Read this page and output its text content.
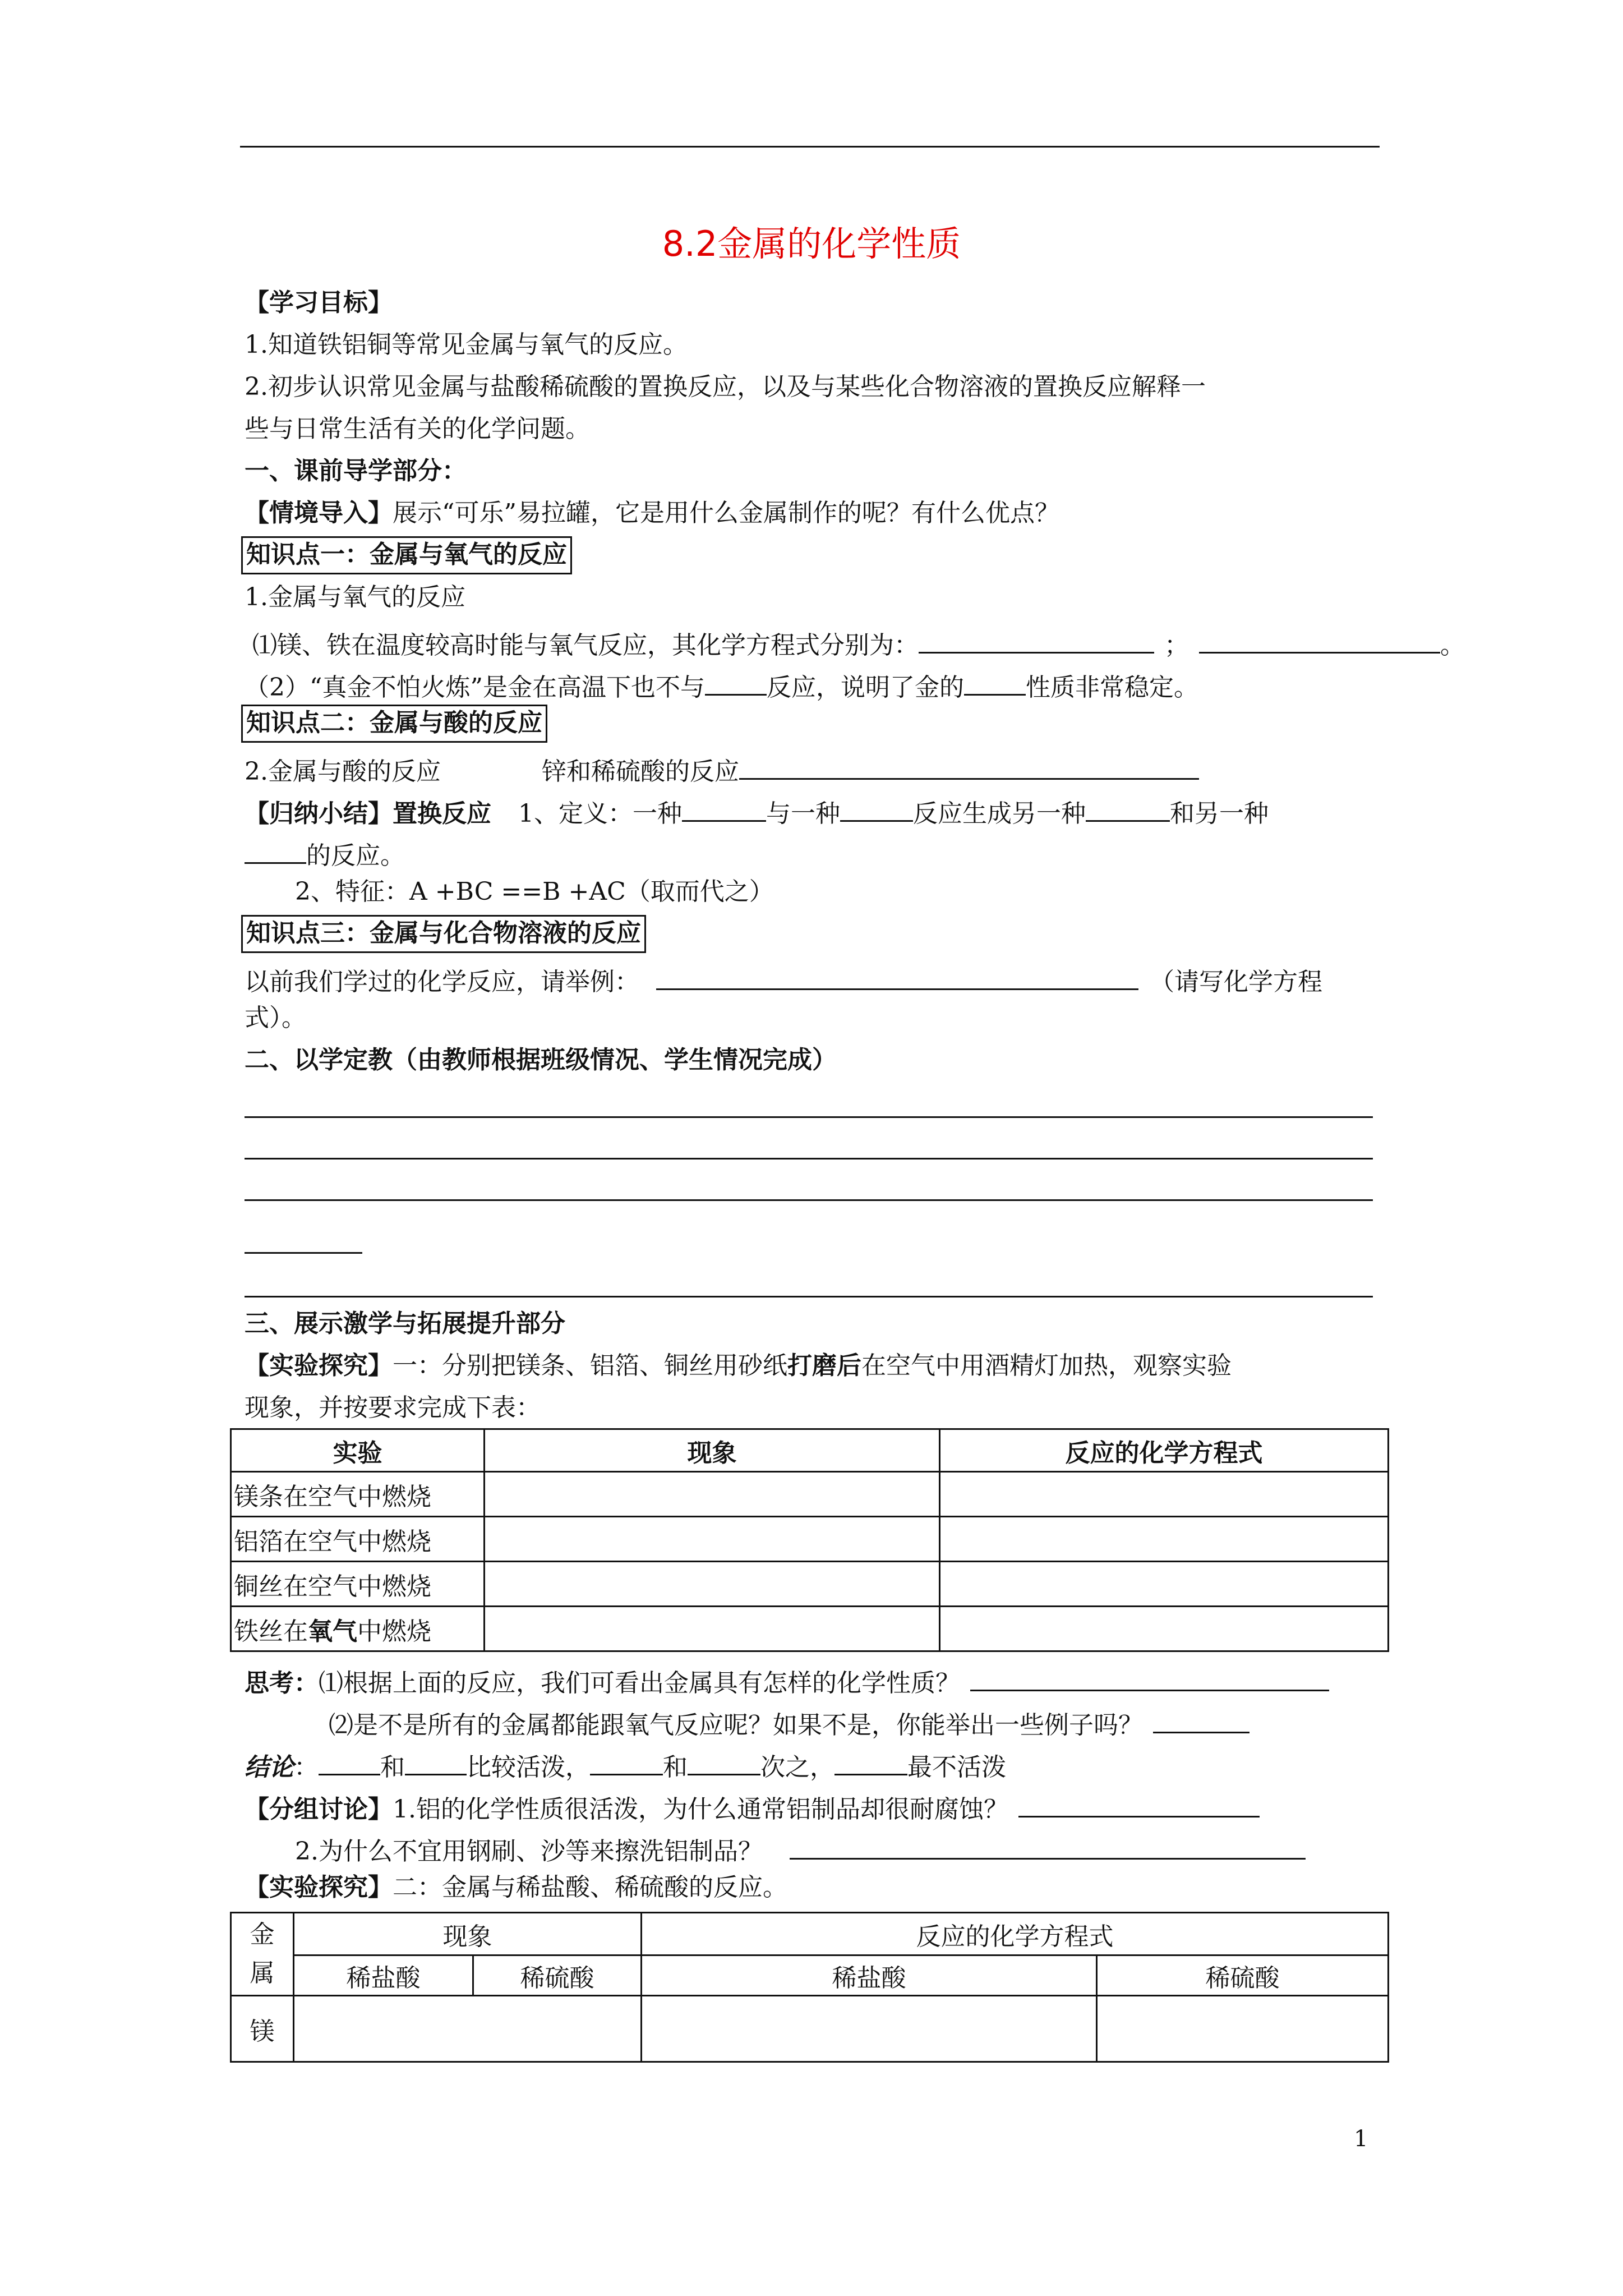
8.2金属的化学性质
【学习目标】
1.知道铁铝铜等常见金属与氧气的反应。
2.初步认识常见金属与盐酸稀硫酸的置换反应，以及与某些化合物溶液的置换反应解释一
些与日常生活有关的化学问题。
一、课前导学部分：
【情境导入】展示“可乐”易拉罐，它是用什么金属制作的呢？有什么优点？
知识点一：金属与氧气的反应
1.金属与氧气的反应
⑴镁、铁在温度较高时能与氧气反应，其化学方程式分别为：	；	。
（2）“真金不怕火炼”是金在高温下也不与	反应，说明了金的	性质非常稳定。
知识点二：金属与酸的反应
2.金属与酸的反应	锌和稀硫酸的反应
【归纳小结】置换反应 1、定义：一种	与一种	反应生成另一种	和另一种
的反应。
2、特征：A +BC ==B +AC（取而代之）
知识点三：金属与化合物溶液的反应
以前我们学过的化学反应，请举例：	（请写化学方程
式）。
二、以学定教（由教师根据班级情况、学生情况完成）
三、展示激学与拓展提升部分
【实验探究】一：分别把镁条、铝箔、铜丝用砂纸打磨后在空气中用酒精灯加热，观察实验
现象，并按要求完成下表：
实验	现象	反应的化学方程式
镁条在空气中燃烧		
铝箔在空气中燃烧		
铜丝在空气中燃烧		
铁丝在氧气中燃烧		
思考：⑴根据上面的反应，我们可看出金属具有怎样的化学性质？
⑵是不是所有的金属都能跟氧气反应呢？如果不是，你能举出一些例子吗？
结论：	和	比较活泼，	和	次之，	最不活泼
【分组讨论】1.铝的化学性质很活泼，为什么通常铝制品却很耐腐蚀？
2.为什么不宜用钢刷、沙等来擦洗铝制品？
【实验探究】二：金属与稀盐酸、稀硫酸的反应。
金
属	现象		反应的化学方程式	
	稀盐酸	稀硫酸	稀盐酸	稀硫酸
镁				
1
